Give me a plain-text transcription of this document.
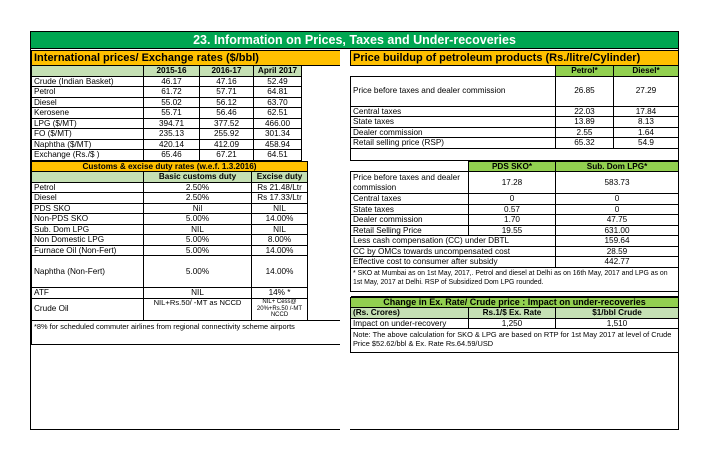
23. Information on Prices, Taxes and Under-recoveries
International prices/ Exchange rates ($/bbl)				
	2015-16	2016-17	April 2017	
Crude (Indian Basket)	46.17	47.16	52.49	
Petrol	61.72	57.71	64.81	
Diesel	55.02	56.12	63.70	
Kerosene	55.71	56.46	62.51	
LPG ($/MT)	394.71	377.52	466.00	
FO ($/MT)	235.13	255.92	301.34	
Naphtha ($/MT)	420.14	412.09	458.94	
Exchange (Rs./$ )	65.46	67.21	64.51	
Customs & excise duty rates (w.e.f. 1.3.2016)			
	Basic customs duty	Excise duty	
Petrol	2.50%	Rs 21.48/Ltr	
Diesel	2.50%	Rs 17.33/Ltr	
PDS SKO	Nil	NIL	
Non-PDS SKO	5.00%	14.00%	
Sub. Dom LPG	NIL	NIL	
Non Domestic LPG	5.00%	8.00%	
Furnace Oil (Non-Fert)	5.00%	14.00%	
Naphtha (Non-Fert)	5.00%	14.00%	
ATF	NIL	14% *	
Crude Oil	NIL+Rs.50/ -MT as NCCD	NIL+ Cess@ 20%+Rs.50 /-MT NCCD	
*8% for scheduled commuter airlines from regional connectivity scheme airports			
Price buildup of petroleum products (Rs./litre/Cylinder)		
	Petrol*	Diesel*
Price before taxes and dealer commission	26.85	27.29
Central taxes	22.03	17.84
State taxes	13.89	8.13
Dealer commission	2.55	1.64
Retail selling price (RSP)	65.32	54.9

	PDS SKO*	Sub. Dom LPG*
Price before taxes and dealer commission	17.28	583.73
Central taxes	0	0
State taxes	0.57	0
Dealer commission	1.70	47.75
Retail Selling Price	19.55	631.00
Less cash compensation (CC) under DBTL		159.64
CC by OMCs towards uncompensated cost		28.59
Effective cost to consumer after subsidy		442.77
* SKO at Mumbai as on 1st May, 2017,. Petrol and diesel at Delhi as on 16th May, 2017 and LPG as on 1st May, 2017 at Delhi. RSP of Subsidized Dom LPG rounded.		

Change in Ex. Rate/ Crude price : Impact on under-recoveries		
(Rs. Crores)	Rs.1/$ Ex. Rate	$1/bbl Crude
Impact on under-recovery	1,250	1,510
Note: The above calculation for SKO & LPG are based on RTP for 1st May 2017 at level of Crude Price $52.62/bbl & Ex. Rate Rs.64.59/USD		
